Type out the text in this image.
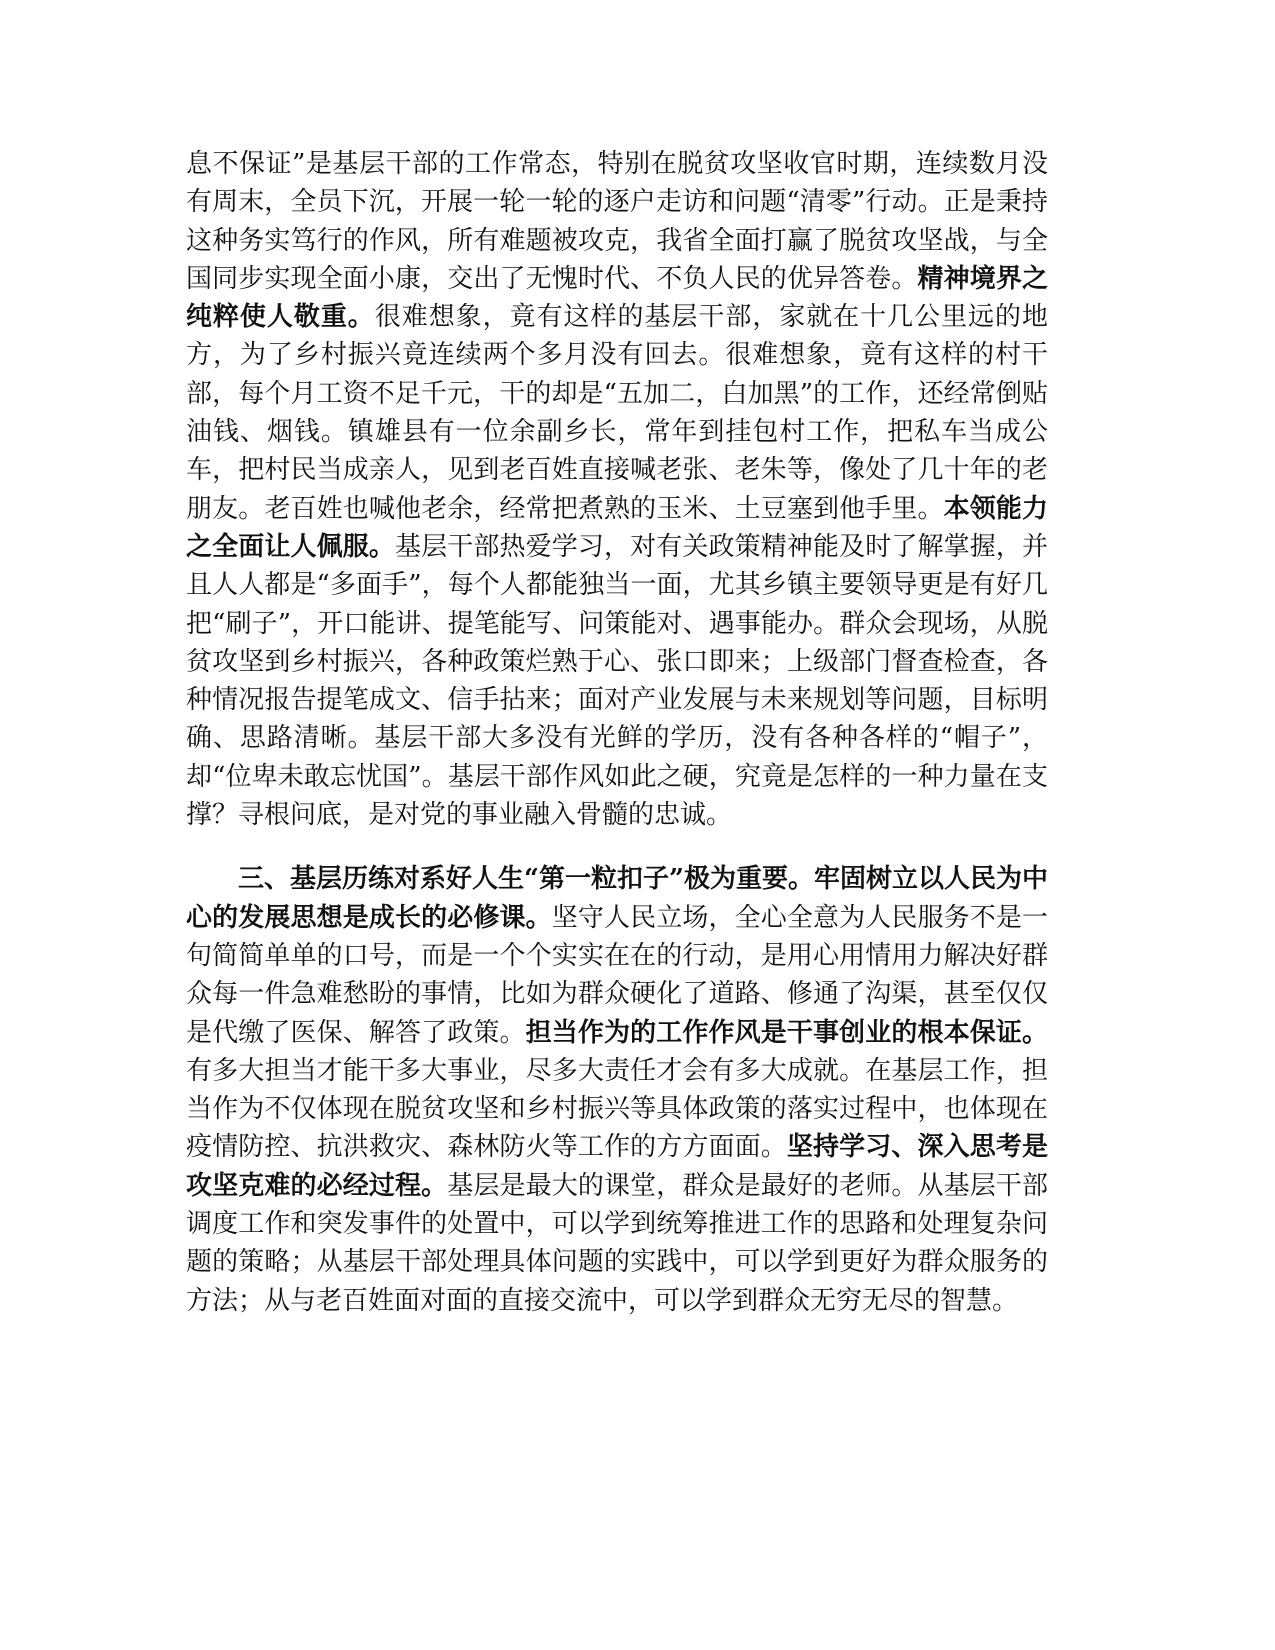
息不保证”是基层干部的工作常态，特别在脱贫攻坚收官时期，连续数月没有周末，全员下沉，开展一轮一轮的逐户走访和问题“清零”行动。正是秉持这种务实笃行的作风，所有难题被攻克，我省全面打赢了脱贫攻坚战，与全国同步实现全面小康，交出了无愧时代、不负人民的优异答卷。精神境界之纯粹使人敬重。很难想象，竟有这样的基层干部，家就在十几公里远的地方，为了乡村振兴竟连续两个多月没有回去。很难想象，竟有这样的村干部，每个月工资不足千元，干的却是“五加二，白加黑”的工作，还经常倒贴油钱、烟钱。镇雄县有一位余副乡长，常年到挂包村工作，把私车当成公车，把村民当成亲人，见到老百姓直接喊老张、老朱等，像处了几十年的老朋友。老百姓也喊他老余，经常把煮熟的玉米、土豆塞到他手里。本领能力之全面让人佩服。基层干部热爱学习，对有关政策精神能及时了解掌握，并且人人都是“多面手”，每个人都能独当一面，尤其乡镇主要领导更是有好几把“刷子”，开口能讲、提笔能写、问策能对、遇事能办。群众会现场，从脱贫攻坚到乡村振兴，各种政策烂熟于心、张口即来；上级部门督查检查，各种情况报告提笔成文、信手拈来；面对产业发展与未来规划等问题，目标明确、思路清晰。基层干部大多没有光鲜的学历，没有各种各样的“帽子”，却“位卑未敢忘忧国”。基层干部作风如此之硬，究竟是怎样的一种力量在支撑？寻根问底，是对党的事业融入骨髓的忠诚。

三、基层历练对系好人生“第一粒扣子”极为重要。牢固树立以人民为中心的发展思想是成长的必修课。坚守人民立场，全心全意为人民服务不是一句简简单单的口号，而是一个个实实在在的行动，是用心用情用力解决好群众每一件急难愁盼的事情，比如为群众硬化了道路、修通了沟渠，甚至仅仅是代缴了医保、解答了政策。担当作为的工作作风是干事创业的根本保证。有多大担当才能干多大事业，尽多大责任才会有多大成就。在基层工作，担当作为不仅体现在脱贫攻坚和乡村振兴等具体政策的落实过程中，也体现在疫情防控、抗洪救灾、森林防火等工作的方方面面。坚持学习、深入思考是攻坚克难的必经过程。基层是最大的课堂，群众是最好的老师。从基层干部调度工作和突发事件的处置中，可以学到统筹推进工作的思路和处理复杂问题的策略；从基层干部处理具体问题的实践中，可以学到更好为群众服务的方法；从与老百姓面对面的直接交流中，可以学到群众无穷无尽的智慧。
